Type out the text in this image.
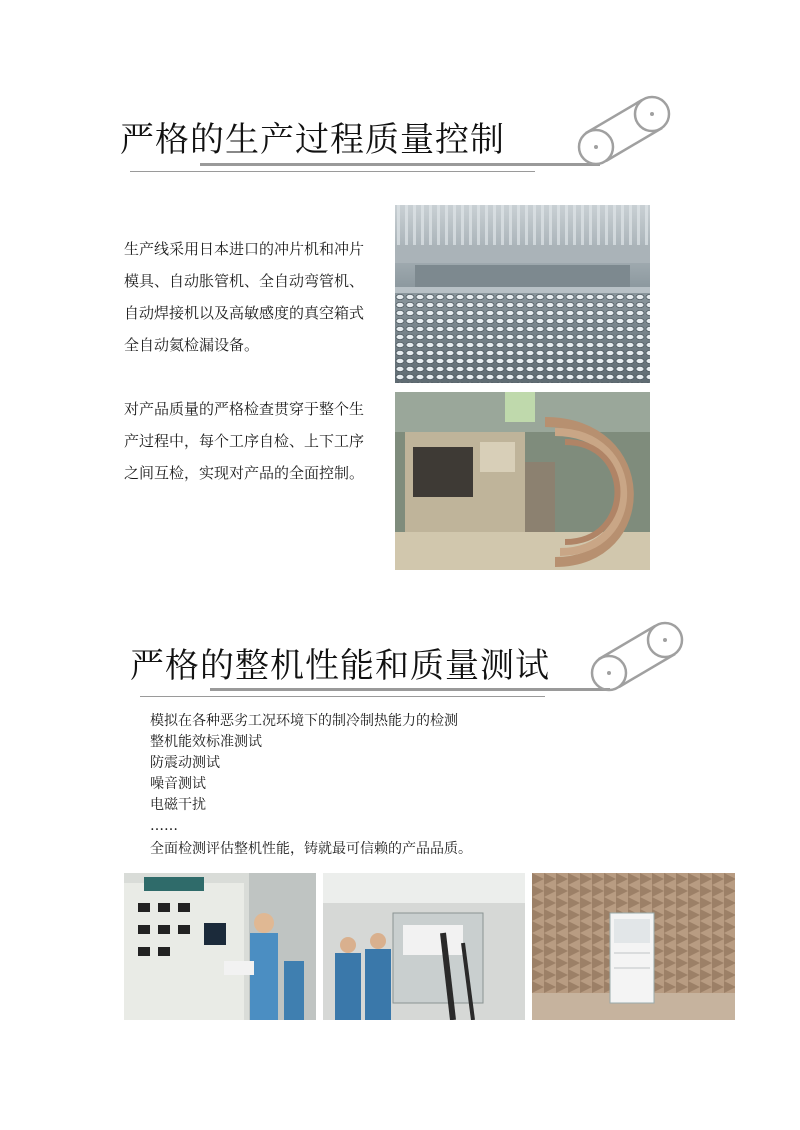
严格的生产过程质量控制

生产线采用日本进口的冲片机和冲片模具、自动胀管机、全自动弯管机、自动焊接机以及高敏感度的真空箱式全自动氦检漏设备。

对产品质量的严格检查贯穿于整个生产过程中，每个工序自检、上下工序之间互检，实现对产品的全面控制。

严格的整机性能和质量测试
模拟在各种恶劣工况环境下的制冷制热能力的检测
整机能效标准测试
防震动测试
噪音测试
电磁干扰
……

全面检测评估整机性能，铸就最可信赖的产品品质。
